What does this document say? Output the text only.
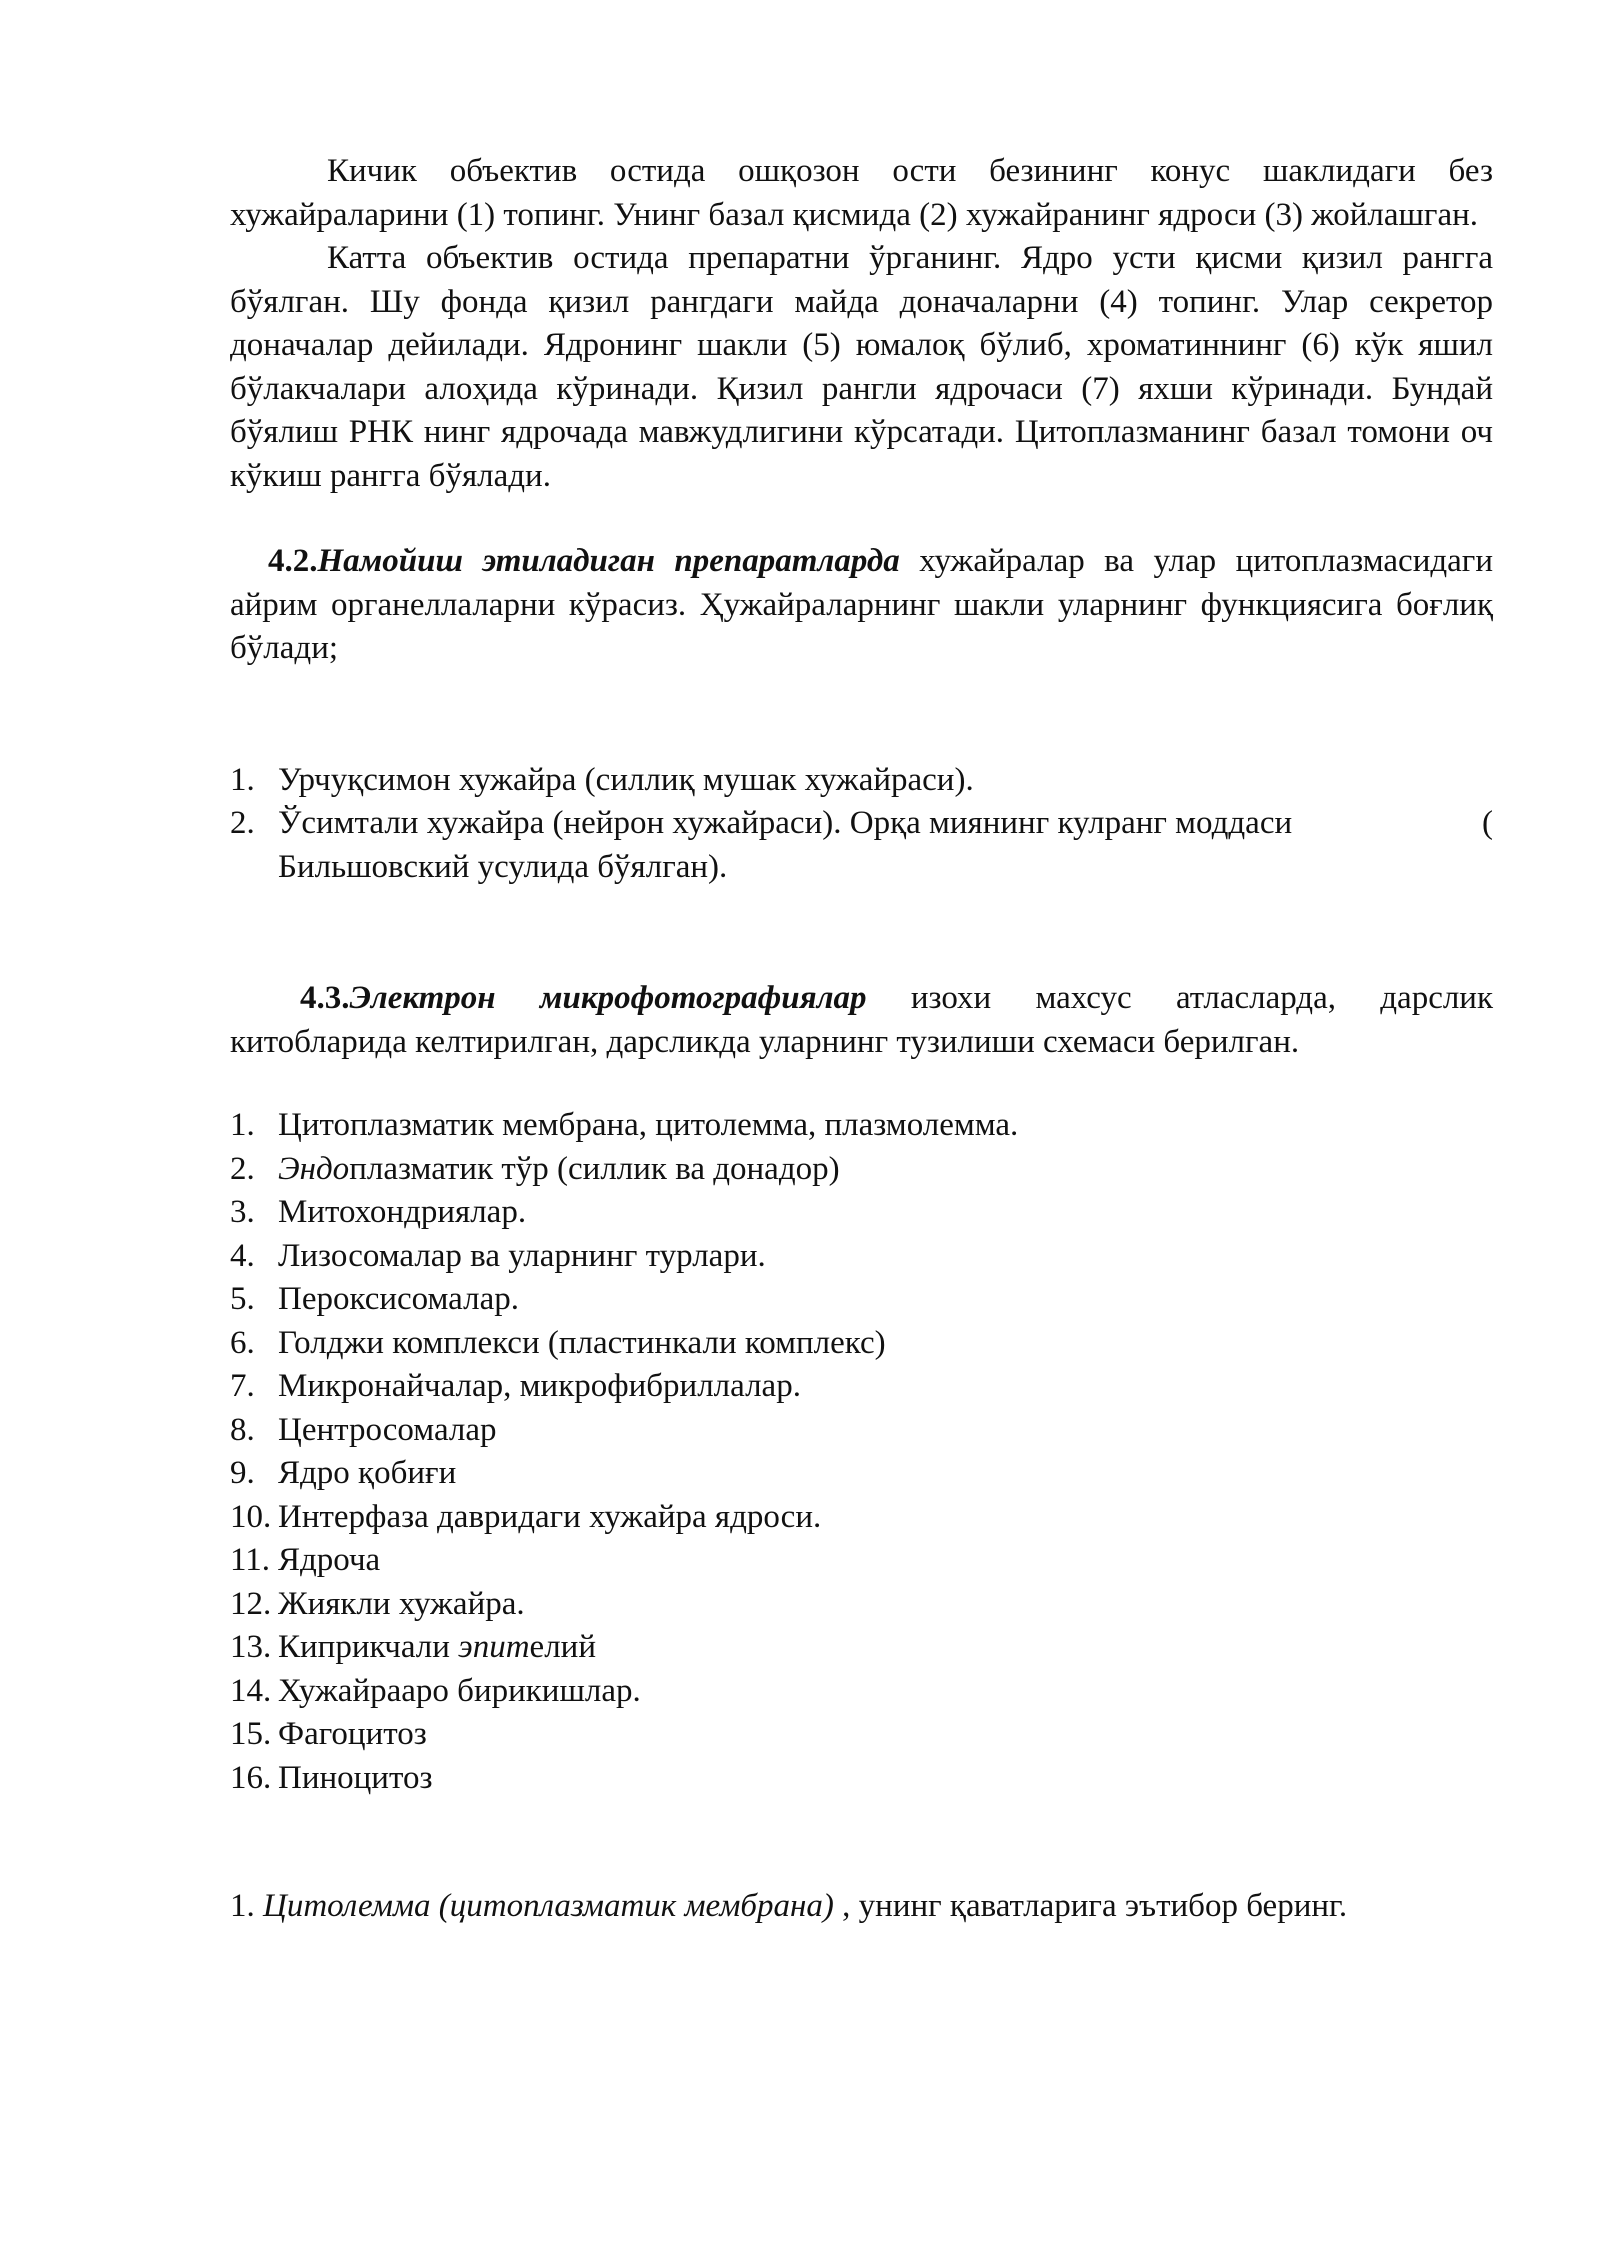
Кичик объектив остида ошқозон ости безининг конус шаклидаги без хужайраларини (1) топинг. Унинг базал қисмида (2) хужайранинг ядроси (3) жойлашган.

Катта объектив остида препаратни ўрганинг. Ядро усти қисми қизил рангга бўялган. Шу фонда қизил рангдаги майда доначаларни (4) топинг. Улар секретор доначалар дейилади. Ядронинг шакли (5) юмалоқ бўлиб, хроматиннинг (6) кўк яшил бўлакчалари алоҳида кўринади. Қизил рангли ядрочаси (7) яхши кўринади. Бундай бўялиш РНК нинг ядрочада мавжудлигини кўрсатади. Цитоплазманинг базал томони оч кўкиш рангга бўялади.

4.2.Намойиш этиладиган препаратларда хужайралар ва улар цитоплазмасидаги айрим органеллаларни кўрасиз. Ҳужайраларнинг шакли уларнинг функциясига боғлиқ бўлади;

1. Урчуқсимон хужайра (силлиқ мушак хужайраси).
2. Ўсимтали хужайра (нейрон хужайраси). Орқа миянинг кулранг моддаси	(
Бильшовский усулида бўялган).

4.3.Электрон микрофотографиялар изохи махсус атласларда, дарслик китобларида келтирилган, дарсликда уларнинг тузилиши схемаси берилган.

1. Цитоплазматик мембрана, цитолемма, плазмолемма.
2. Эндоплазматик тўр (силлик ва донадор)
3. Митохондриялар.
4. Лизосомалар ва уларнинг турлари.
5. Пероксисомалар.
6. Голджи комплекси (пластинкали комплекс)
7. Микронайчалар, микрофибриллалар.
8. Центросомалар
9. Ядро қобиғи
10. Интерфаза давридаги хужайра ядроси.
11. Ядроча
12. Жиякли хужайра.
13. Киприкчали эпителий
14. Хужайрааро бирикишлар.
15. Фагоцитоз
16. Пиноцитоз

1. Цитолемма (цитоплазматик мембрана) , унинг қаватларига эътибор беринг.
